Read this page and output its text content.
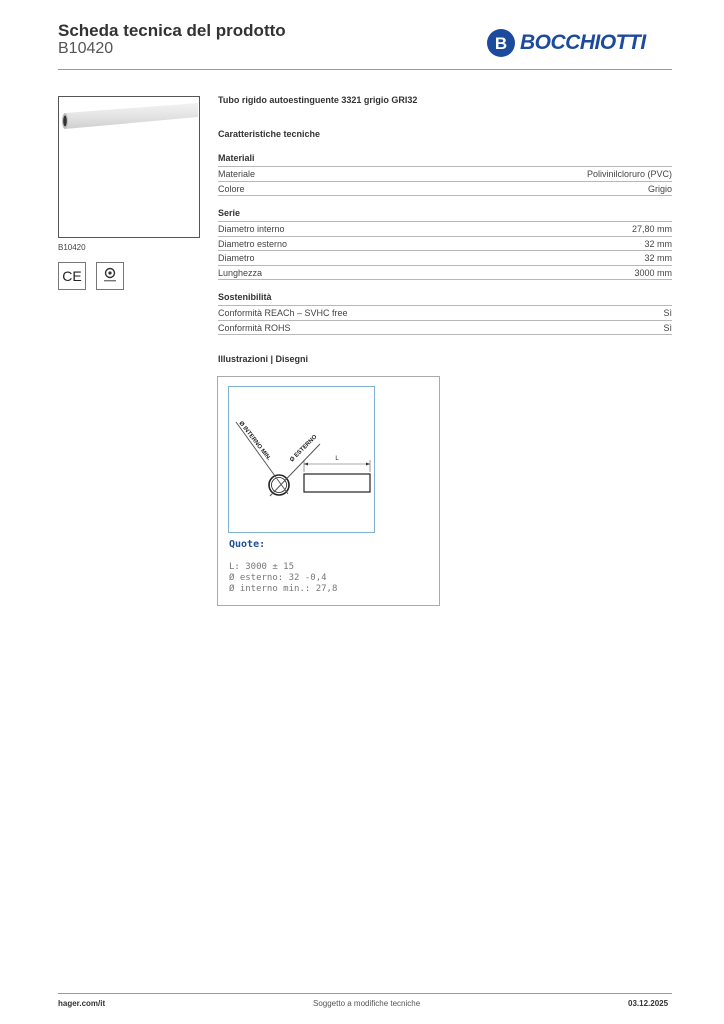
Scheda tecnica del prodotto
B10420	B BOCCHIOTTI
B10420
CE
Tubo rigido autoestinguente 3321 grigio GRI32
Caratteristiche tecniche
Materiali
Materiale	Polivinilcloruro (PVC)
Colore	Grigio
Serie
Diametro interno	27,80 mm
Diametro esterno	32 mm
Diametro	32 mm
Lunghezza	3000 mm
Sostenibilità
Conformità REACh – SVHC free	Sì
Conformità ROHS	Sì
Illustrazioni | Disegni
Ø INTERNO MIN.	Ø ESTERNO	L
Quote:
L: 3000 ± 15
Ø esterno: 32 -0,4
Ø interno min.: 27,8
hager.com/it	Soggetto a modifiche tecniche	03.12.2025
